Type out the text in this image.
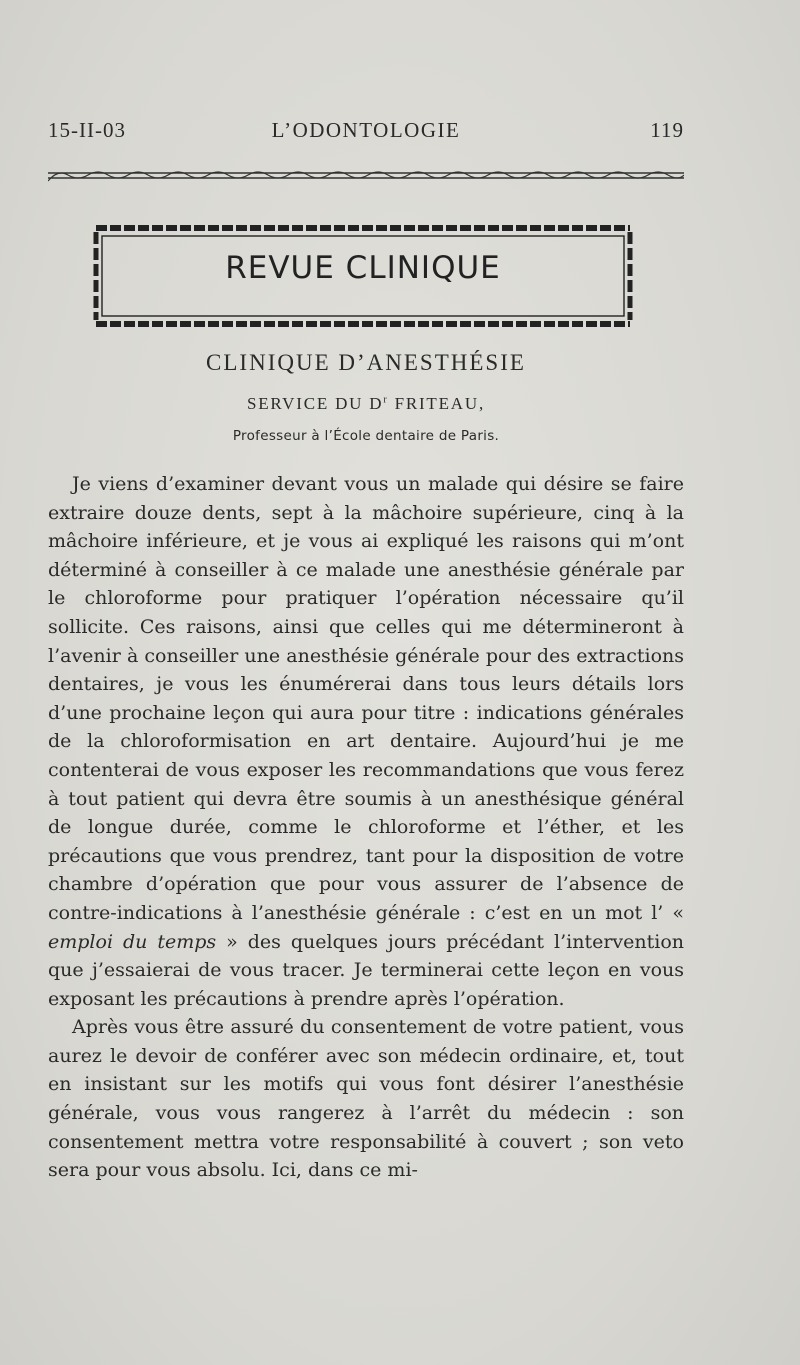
15-II-03	L’ODONTOLOGIE	119
REVUE CLINIQUE
CLINIQUE D’ANESTHÉSIE
SERVICE DU $D^r$ FRITEAU,
Professeur à l’École dentaire de Paris.

Je viens d’examiner devant vous un malade qui désire se faire extraire douze dents, sept à la mâchoire supérieure, cinq à la mâchoire inférieure, et je vous ai expliqué les raisons qui m’ont déterminé à conseiller à ce malade une anesthésie générale par le chloroforme pour pratiquer l’opération nécessaire qu’il sollicite. Ces raisons, ainsi que celles qui me détermineront à l’avenir à conseiller une anesthésie générale pour des extractions dentaires, je vous les énumérerai dans tous leurs détails lors d’une prochaine leçon qui aura pour titre : indications générales de la chloroformisation en art dentaire. Aujourd’hui je me contenterai de vous exposer les recommandations que vous ferez à tout patient qui devra être soumis à un anesthésique général de longue durée, comme le chloroforme et l’éther, et les précautions que vous prendrez, tant pour la disposition de votre chambre d’opération que pour vous assurer de l’absence de contre-indications à l’anesthésie générale : c’est en un mot l’ « emploi du temps » des quelques jours précédant l’intervention que j’essaierai de vous tracer. Je terminerai cette leçon en vous exposant les précautions à prendre après l’opération.

Après vous être assuré du consentement de votre patient, vous aurez le devoir de conférer avec son médecin ordinaire, et, tout en insistant sur les motifs qui vous font désirer l’anesthésie générale, vous vous rangerez à l’arrêt du médecin : son consentement mettra votre responsabilité à couvert ; son veto sera pour vous absolu. Ici, dans ce mi-
